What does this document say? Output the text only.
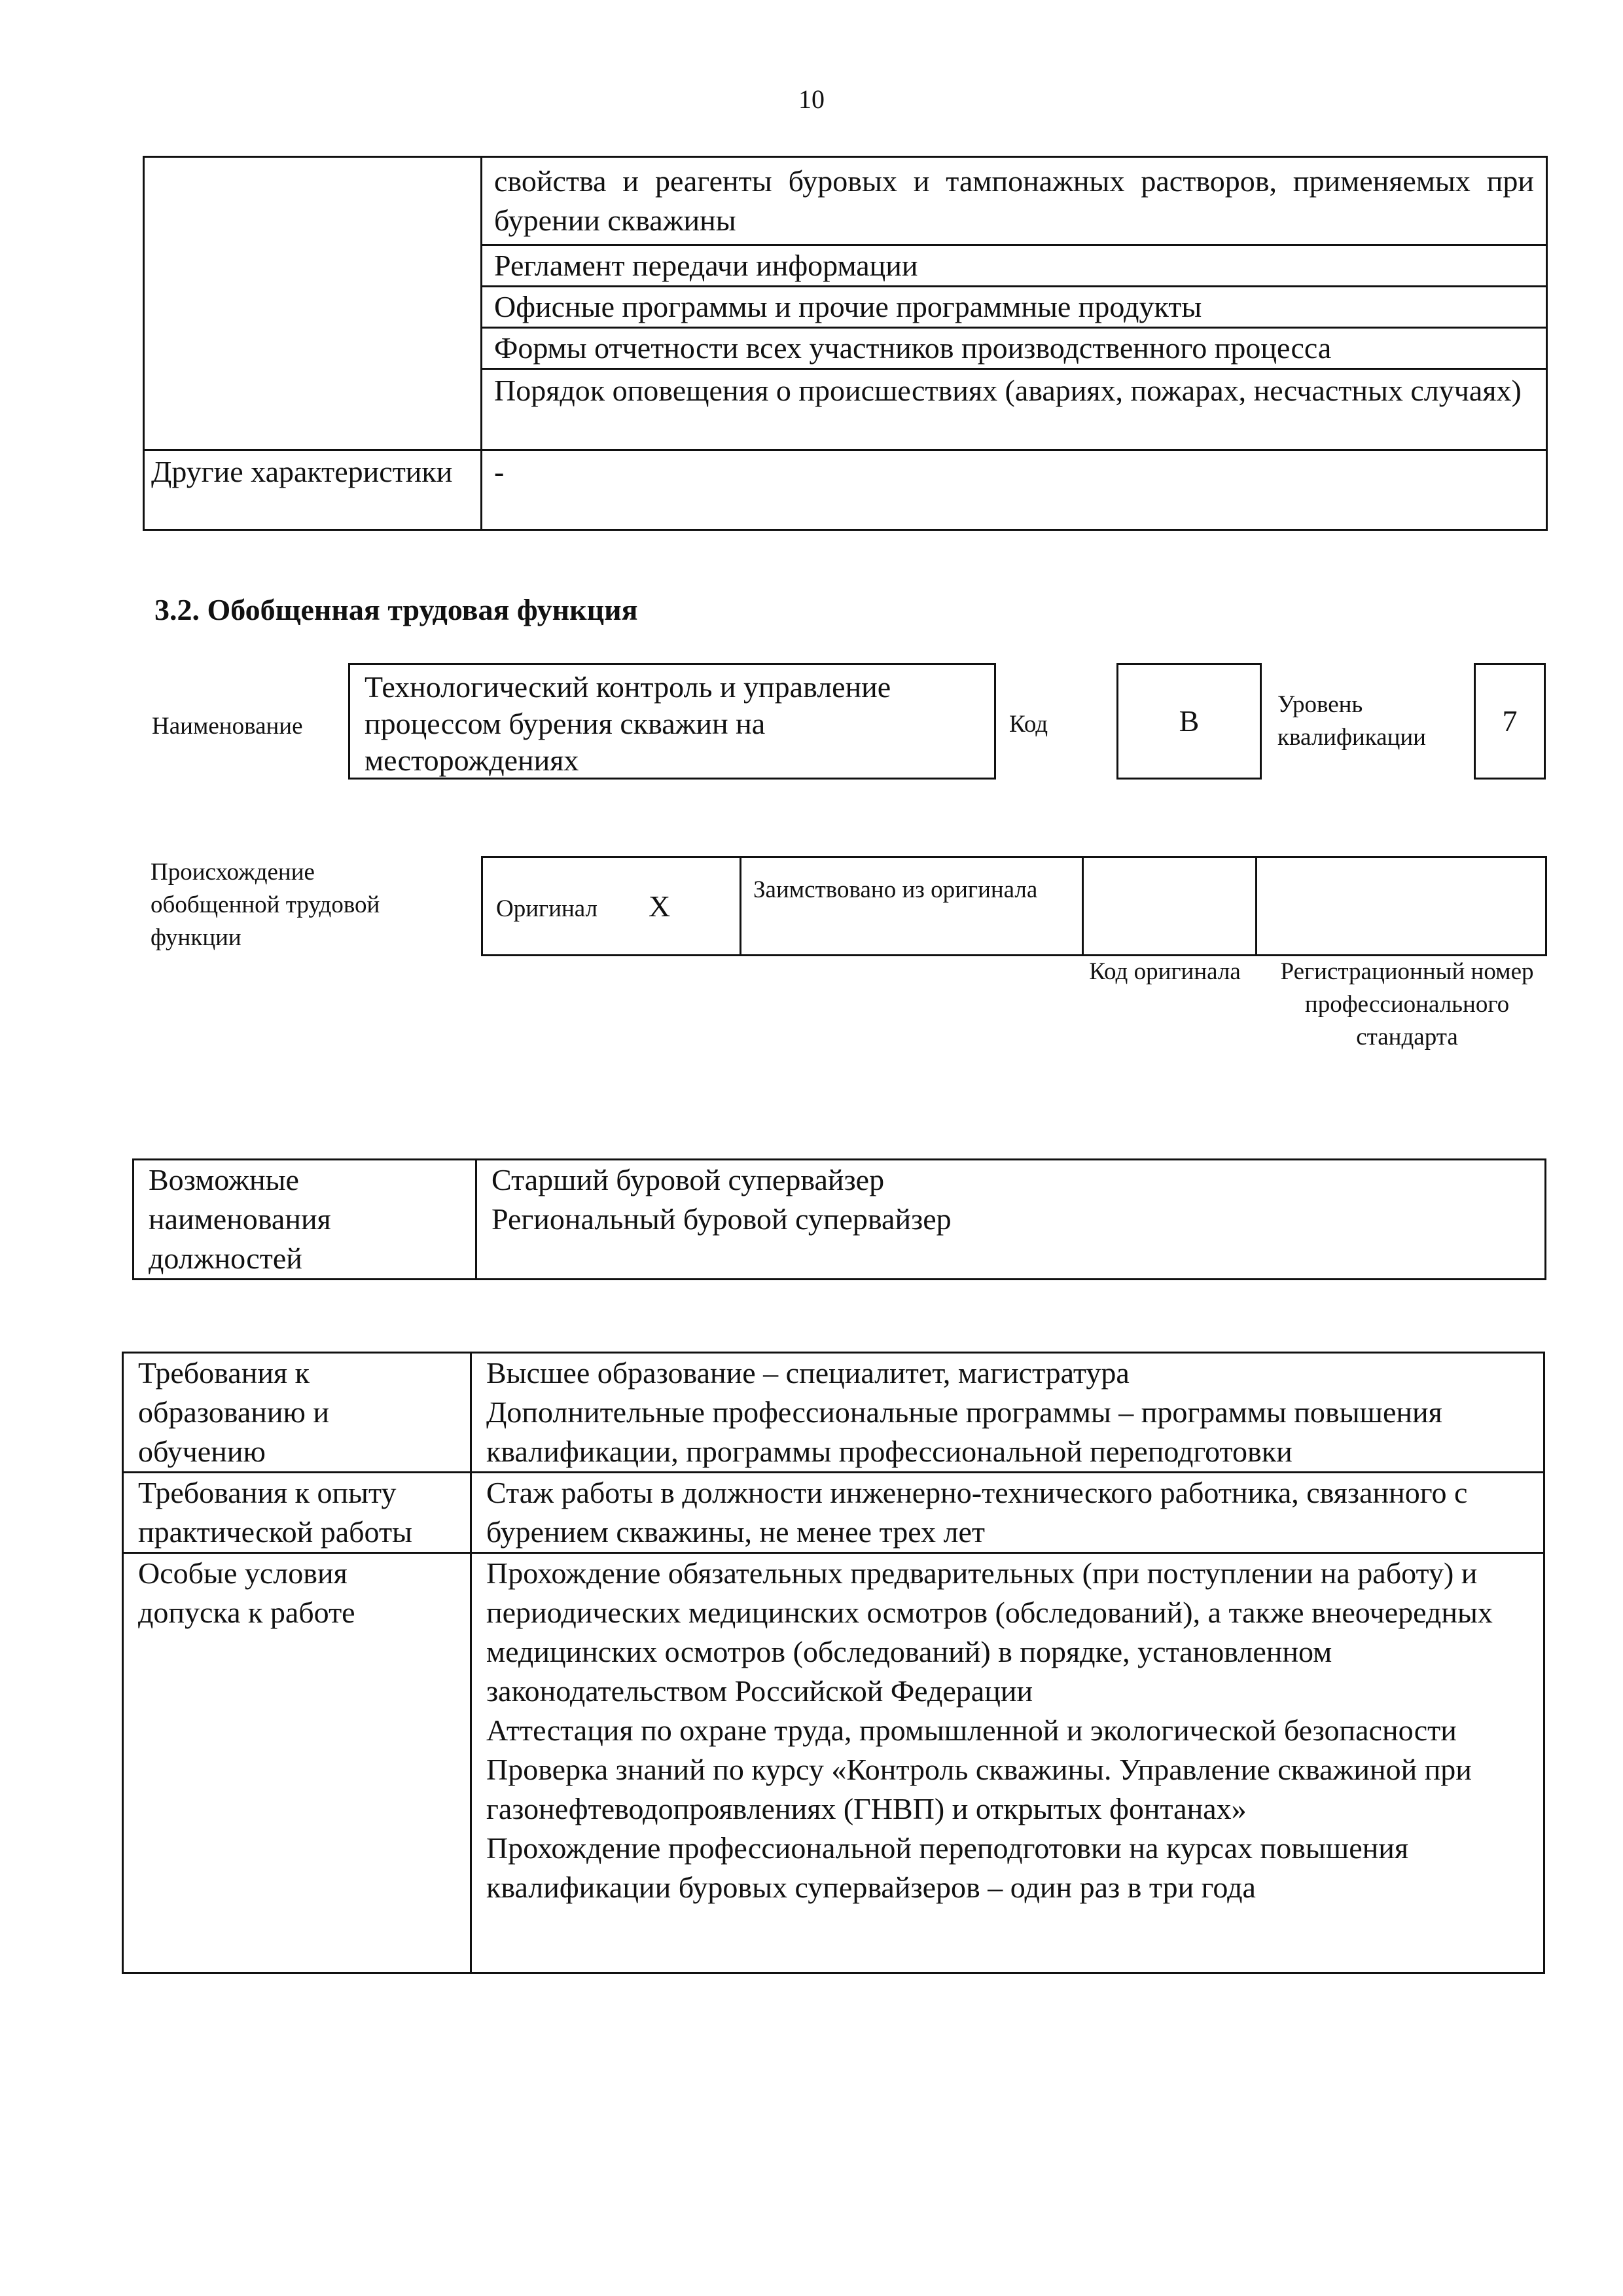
10
	свойства и реагенты буровых и тампонажных растворов, применяемых при бурении скважины
	Регламент передачи информации
	Офисные программы и прочие программные продукты
	Формы отчетности всех участников производственного процесса
	Порядок оповещения о происшествиях (авариях, пожарах, несчастных случаях)
Другие характеристики	-
3.2. Обобщенная трудовая функция
Наименование
Технологический контроль и управление процессом бурения скважин на месторождениях
Код	B	Уровень квалификации	7
Происхождение обобщенной трудовой функции
Оригинал X	Заимствовано из оригинала		
Код оригинала	Регистрационный номер профессионального стандарта
Возможные наименования должностей	
Старший буровой супервайзер
Региональный буровой супервайзер
Требования к образованию и обучению	Высшее образование – специалитет, магистратура
Дополнительные профессиональные программы – программы повышения квалификации, программы профессиональной переподготовки

Требования к опыту практической работы	Стаж работы в должности инженерно-технического работника, связанного с бурением скважины, не менее трех лет

Особые условия допуска к работе	Прохождение обязательных предварительных (при поступлении на работу) и периодических медицинских осмотров (обследований), а также внеочередных медицинских осмотров (обследований) в порядке, установленном законодательством Российской Федерации
Аттестация по охране труда, промышленной и экологической безопасности
Проверка знаний по курсу «Контроль скважины. Управление скважиной при газонефтеводопроявлениях (ГНВП) и открытых фонтанах»
Прохождение профессиональной переподготовки на курсах повышения квалификации буровых супервайзеров – один раз в три года
